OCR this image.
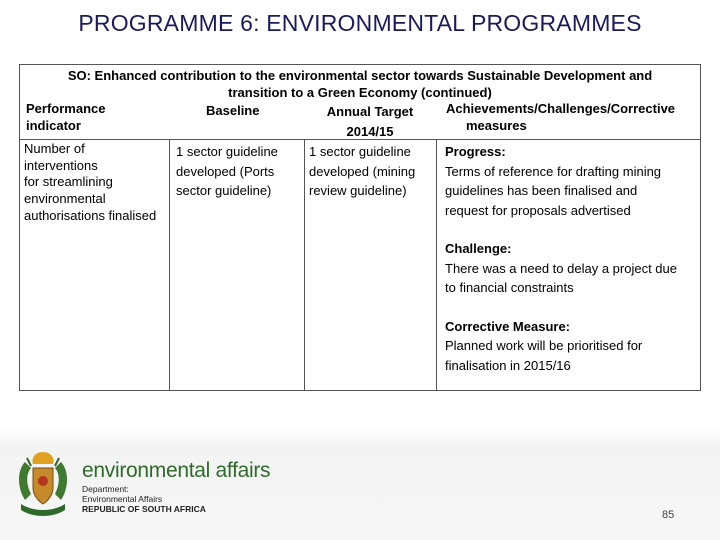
PROGRAMME 6: ENVIRONMENTAL PROGRAMMES
SO: Enhanced contribution to the environmental sector towards Sustainable Development and
transition to a Green Economy (continued)
Performance
indicator
Baseline	Annual Target
2014/15
Achievements/Challenges/Corrective
measures
Number of
interventions
for streamlining
environmental
authorisations finalised
1 sector guideline
developed (Ports
sector guideline)
1 sector guideline
developed (mining
review guideline)
Progress:
Terms of reference for drafting mining
guidelines has been finalised and
request for proposals advertised
Challenge:
There was a need to delay a project due
to financial constraints
Corrective Measure:
Planned work will be prioritised for
finalisation in 2015/16
environmental affairs
Department:
Environmental Affairs
REPUBLIC OF SOUTH AFRICA	85
